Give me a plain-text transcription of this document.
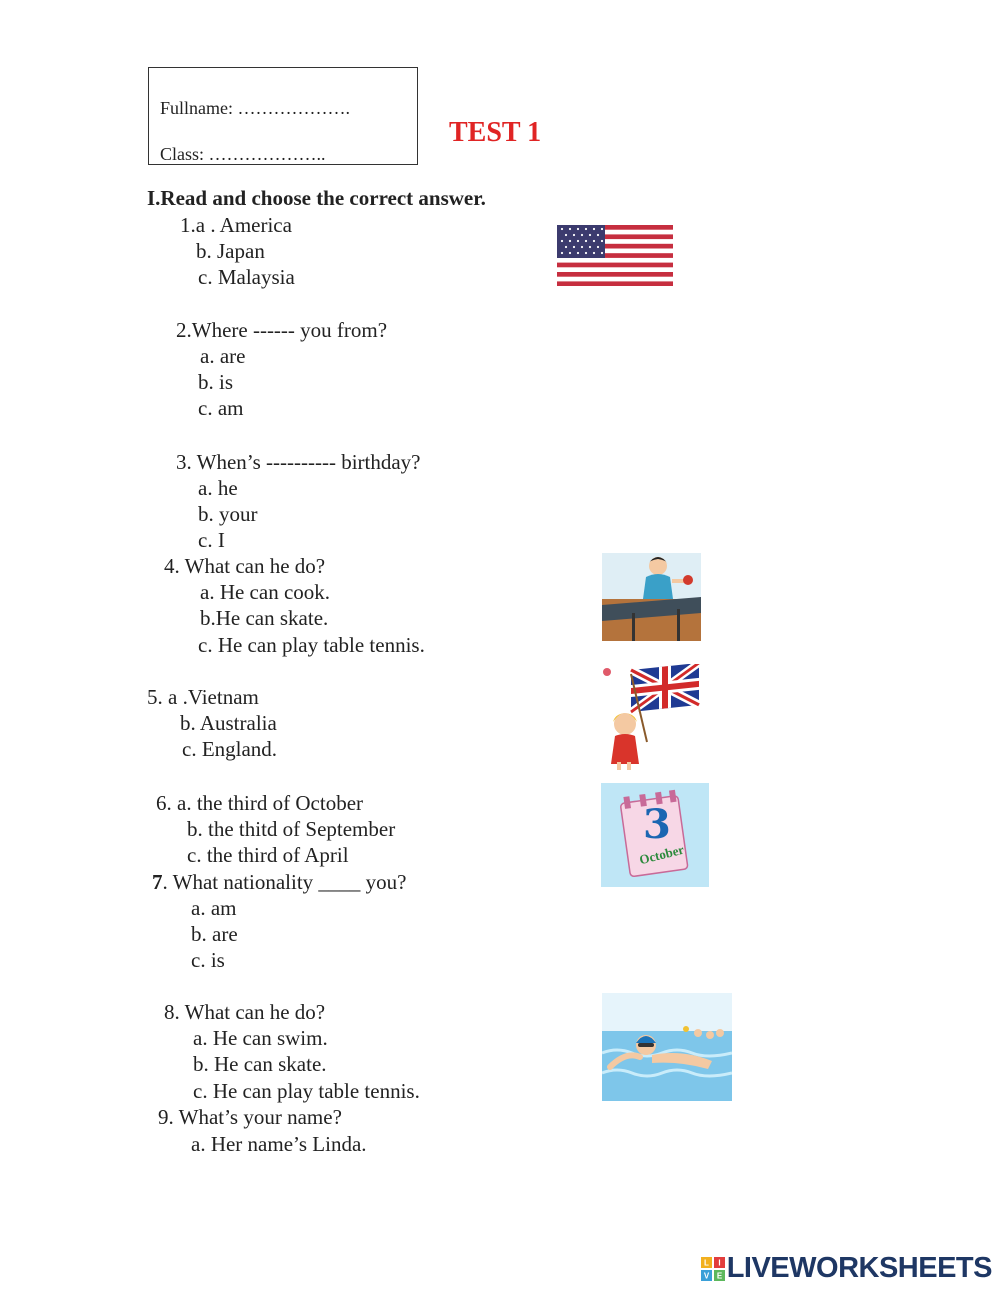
Fullname: ……………….
Class: ………………..
TEST 1
I.Read and choose the correct answer.
1.a . America
b. Japan
c. Malaysia
2.Where ------ you from?
a. are
b. is
c. am
3. When’s ---------- birthday?
a. he
b. your
c. I
4. What can he do?
a. He can cook.
b.He can skate.
c. He can play table tennis.
5. a .Vietnam
b. Australia
c. England.
6. a. the third of October
b. the thitd of September
c. the third of April
7. What nationality ____ you?
a. am
b. are
c. is
8. What can he do?
a. He can swim.
b. He can skate.
c. He can play table tennis.
9. What’s your name?
a. Her name’s Linda.
3
October
L I
V E LIVEWORKSHEETS
